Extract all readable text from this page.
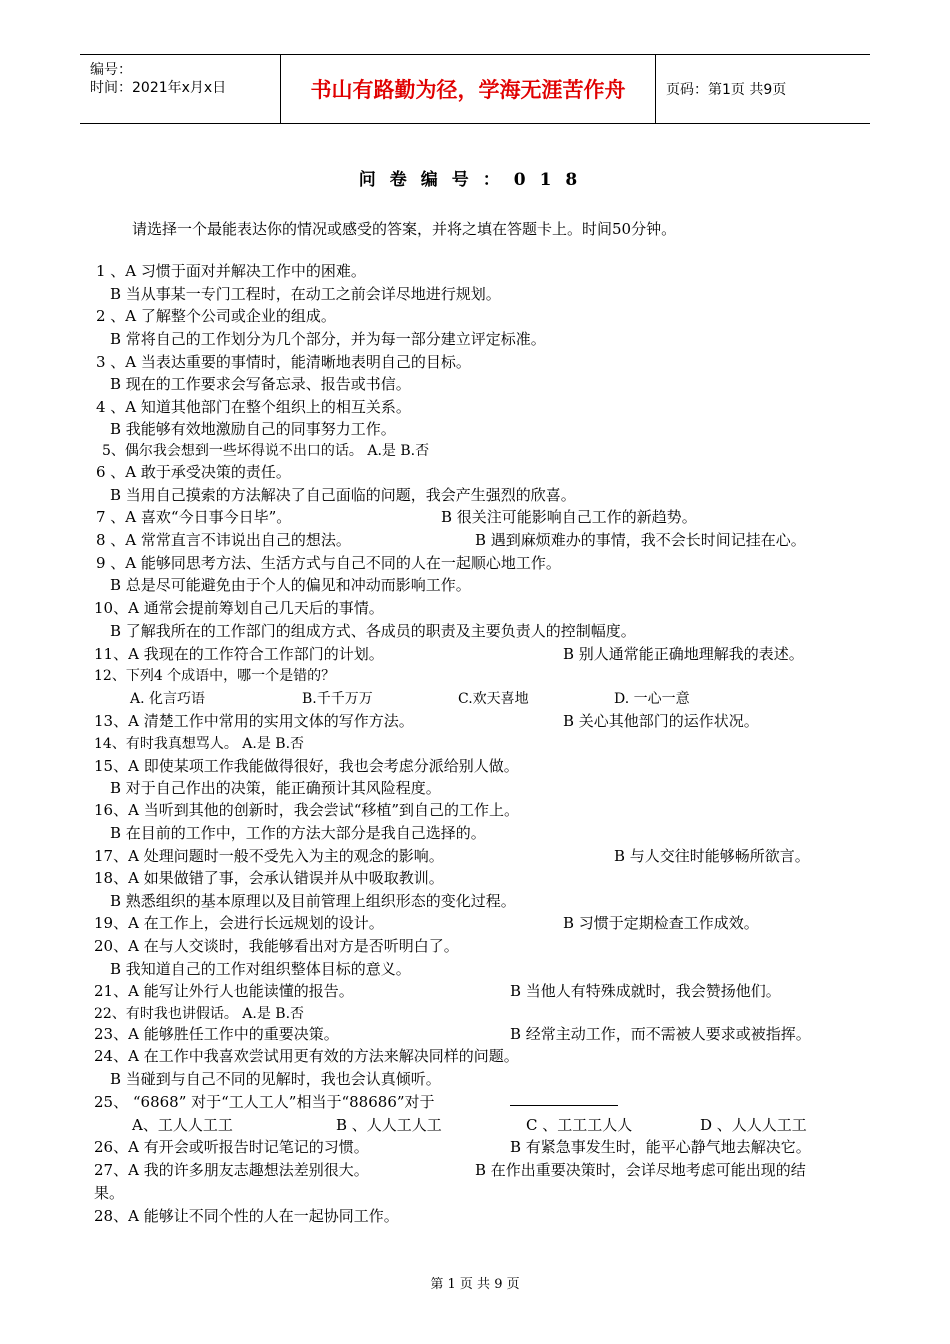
编号：
时间：2021年x月x日	书山有路勤为径，学海无涯苦作舟	页码：第1页 共9页
问卷编号：018
请选择一个最能表达你的情况或感受的答案，并将之填在答题卡上。时间50分钟。
1 、A 习惯于面对并解决工作中的困难。
B 当从事某一专门工程时，在动工之前会详尽地进行规划。
2 、A 了解整个公司或企业的组成。
B 常将自己的工作划分为几个部分，并为每一部分建立评定标准。
3 、A 当表达重要的事情时，能清晰地表明自己的目标。
B 现在的工作要求会写备忘录、报告或书信。
4 、A 知道其他部门在整个组织上的相互关系。
B 我能够有效地激励自己的同事努力工作。
5、偶尔我会想到一些坏得说不出口的话。 A.是 B.否
6 、A 敢于承受决策的责任。
B 当用自己摸索的方法解决了自己面临的问题，我会产生强烈的欣喜。
7 、A 喜欢“今日事今日毕”。	B 很关注可能影响自己工作的新趋势。
8 、A 常常直言不讳说出自己的想法。	B 遇到麻烦难办的事情，我不会长时间记挂在心。
9 、A 能够同思考方法、生活方式与自己不同的人在一起顺心地工作。
B 总是尽可能避免由于个人的偏见和冲动而影响工作。
10、A 通常会提前筹划自己几天后的事情。
B 了解我所在的工作部门的组成方式、各成员的职责及主要负责人的控制幅度。
11、A 我现在的工作符合工作部门的计划。	B 别人通常能正确地理解我的表述。
12、下列4 个成语中，哪一个是错的？
A. 化言巧语	B.千千万万	C.欢天喜地	D. 一心一意
13、A 清楚工作中常用的实用文体的写作方法。	B 关心其他部门的运作状况。
14、有时我真想骂人。 A.是 B.否
15、A 即使某项工作我能做得很好，我也会考虑分派给别人做。
B 对于自己作出的决策，能正确预计其风险程度。
16、A 当听到其他的创新时，我会尝试“移植”到自己的工作上。
B 在目前的工作中，工作的方法大部分是我自己选择的。
17、A 处理问题时一般不受先入为主的观念的影响。	B 与人交往时能够畅所欲言。
18、A 如果做错了事，会承认错误并从中吸取教训。
B 熟悉组织的基本原理以及目前管理上组织形态的变化过程。
19、A 在工作上，会进行长远规划的设计。	B 习惯于定期检查工作成效。
20、A 在与人交谈时，我能够看出对方是否听明白了。
B 我知道自己的工作对组织整体目标的意义。
21、A 能写让外行人也能读懂的报告。	B 当他人有特殊成就时，我会赞扬他们。
22、有时我也讲假话。 A.是 B.否
23、A 能够胜任工作中的重要决策。	B 经常主动工作，而不需被人要求或被指挥。
24、A 在工作中我喜欢尝试用更有效的方法来解决同样的问题。
B 当碰到与自己不同的见解时，我也会认真倾听。
25、 “6868” 对于“工人工人”相当于“88686”对于
A、工人人工工	B 、人人工人工	C 、工工工人人	D 、人人人工工
26、A 有开会或听报告时记笔记的习惯。	B 有紧急事发生时，能平心静气地去解决它。
27、A 我的许多朋友志趣想法差别很大。	B 在作出重要决策时，会详尽地考虑可能出现的结
果。
28、A 能够让不同个性的人在一起协同工作。
第 1 页 共 9 页
